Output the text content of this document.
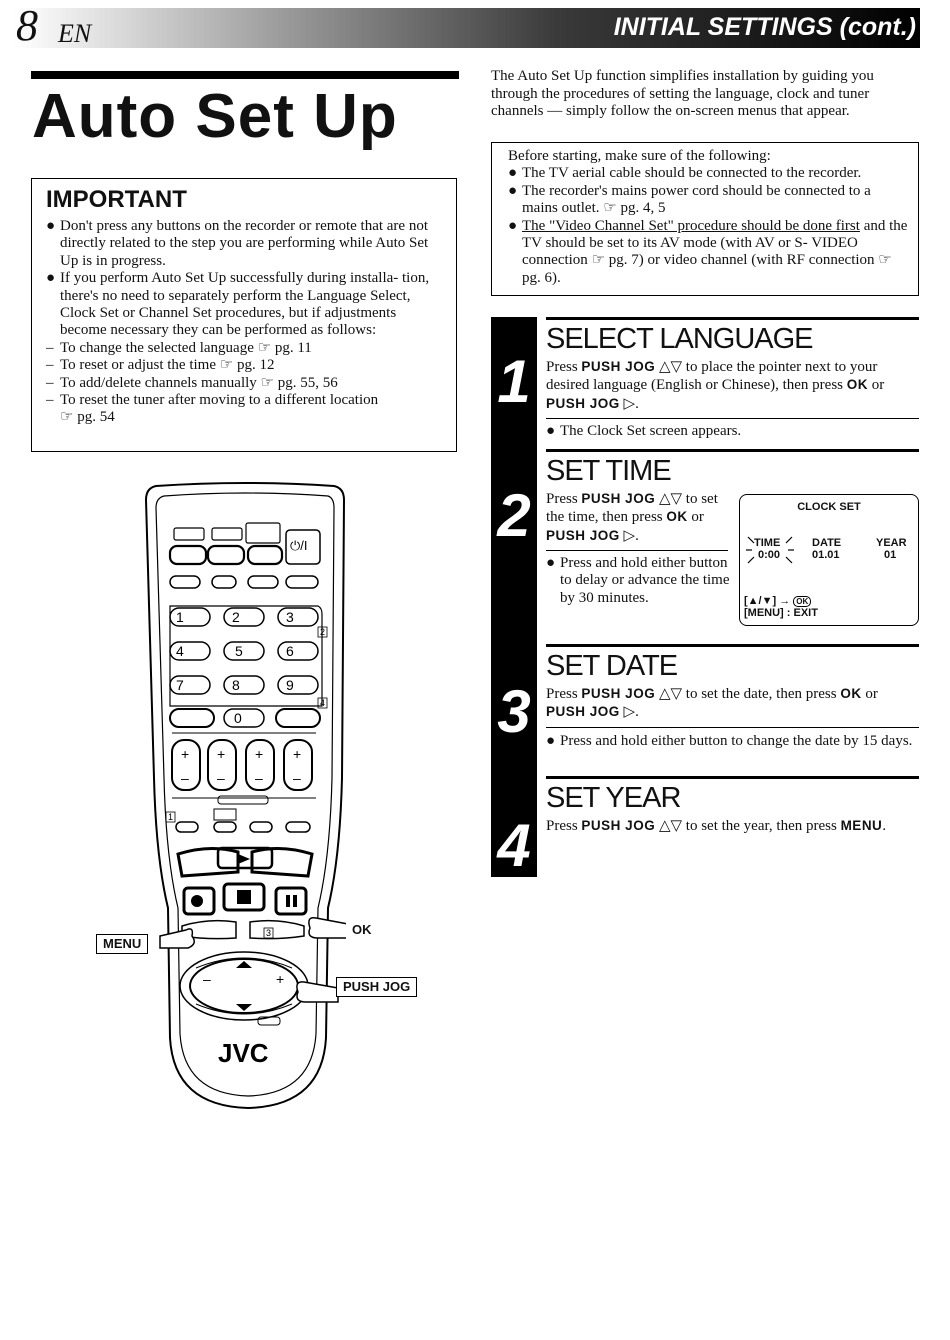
8 EN	INITIAL SETTINGS (cont.)
Auto Set Up
IMPORTANT
● Don't press any buttons on the recorder or remote that are not directly related to the step you are performing while Auto Set Up is in progress.
● If you perform Auto Set Up successfully during installa- tion, there's no need to separately perform the Language Select, Clock Set or Channel Set procedures, but if adjustments become necessary they can be performed as follows:
– To change the selected language ☞ pg. 11
– To reset or adjust the time ☞ pg. 12
– To add/delete channels manually ☞ pg. 55, 56
– To reset the tuner after moving to a different location
☞ pg. 54
1	2	3
4	5	6
7	8	9
0
+
–
+
–
+
–
+
–
–	+
⏻/I
2
4
1
3
JVC
MENU
OK
PUSH JOG
The Auto Set Up function simplifies installation by guiding you through the procedures of setting the language, clock and tuner channels — simply follow the on-screen menus that appear.
Before starting, make sure of the following:
● The TV aerial cable should be connected to the recorder.
● The recorder's mains power cord should be connected to a mains outlet. ☞ pg. 4, 5
● The "Video Channel Set" procedure should be done first and the TV should be set to its AV mode (with AV or S- VIDEO connection ☞ pg. 7) or video channel (with RF connection ☞ pg. 6).
1
2
3
4
SELECT LANGUAGE
Press PUSH JOG △▽ to place the pointer next to your desired language (English or Chinese), then press OK or PUSH JOG ▷.
● The Clock Set screen appears.
SET TIME
Press PUSH JOG △▽ to set the time, then press OK or PUSH JOG ▷.
● Press and hold either button to delay or advance the time by 30 minutes.
CLOCK SET
TIME
0:00
DATE
01.01
YEAR
01
[▲/▼] → OK
[MENU] : EXIT
SET DATE
Press PUSH JOG △▽ to set the date, then press OK or PUSH JOG ▷.
● Press and hold either button to change the date by 15 days.
SET YEAR
Press PUSH JOG △▽ to set the year, then press MENU.
